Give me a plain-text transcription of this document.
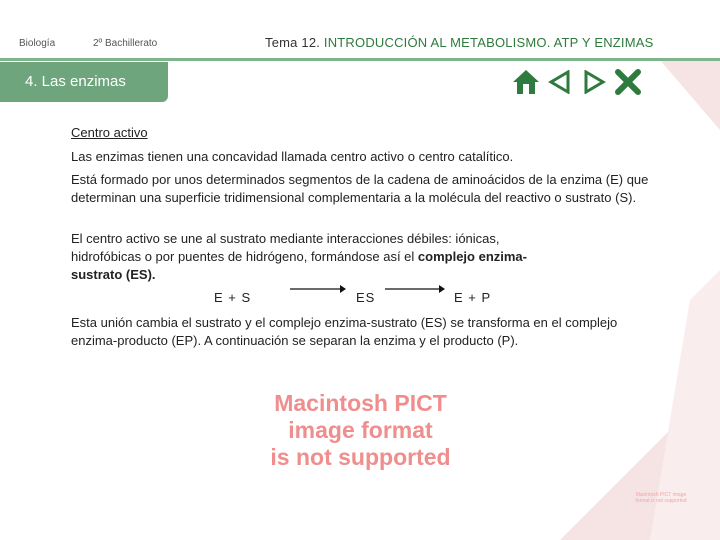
Biología	2º Bachillerato	Tema 12. INTRODUCCIÓN AL METABOLISMO. ATP Y ENZIMAS
4. Las enzimas
Centro activo
Las enzimas tienen una concavidad llamada centro activo o centro catalítico.
Está formado por unos determinados segmentos de la cadena de aminoácidos de la enzima (E) que determinan una superficie tridimensional complementaria a la molécula del reactivo o sustrato (S).
El centro activo se une al sustrato mediante interacciones débiles: iónicas, hidrofóbicas o por puentes de hidrógeno, formándose así el complejo enzima-sustrato (ES).
E + S	ES	E + P
Esta unión cambia el sustrato y el complejo enzima-sustrato (ES) se transforma en el complejo enzima-producto (EP). A continuación se separan la enzima y el producto (P).
Macintosh PICT
image format
is not supported
Macintosh PICT image format is not supported
